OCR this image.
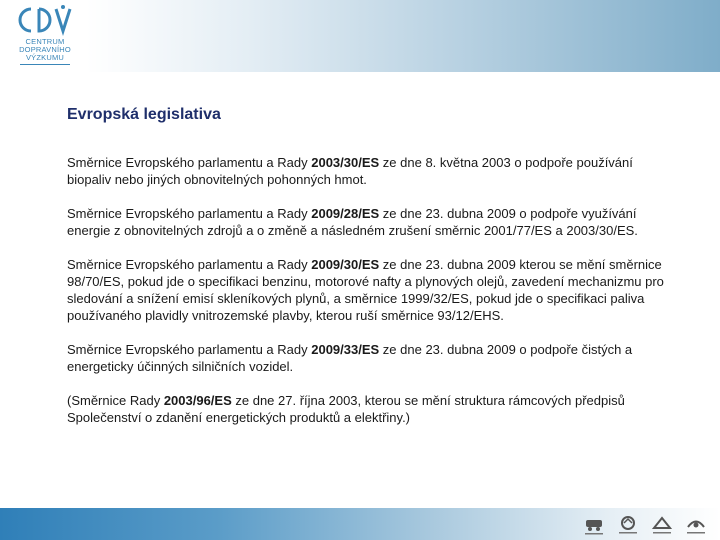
CENTRUM
DOPRAVNÍHO
VÝZKUMU
Evropská legislativa

Směrnice Evropského parlamentu a Rady 2003/30/ES ze dne 8. května 2003 o podpoře používání biopaliv nebo jiných obnovitelných pohonných hmot.

Směrnice Evropského parlamentu a Rady 2009/28/ES ze dne 23. dubna 2009 o podpoře využívání energie z obnovitelných zdrojů a o změně a následném zrušení směrnic 2001/77/ES a 2003/30/ES.

Směrnice Evropského parlamentu a Rady 2009/30/ES ze dne 23. dubna 2009 kterou se mění směrnice 98/70/ES, pokud jde o specifikaci benzinu, motorové nafty a plynových olejů, zavedení mechanizmu pro sledování a snížení emisí skleníkových plynů, a směrnice 1999/32/ES, pokud jde o specifikaci paliva používaného plavidly vnitrozemské plavby, kterou ruší směrnice 93/12/EHS.

Směrnice Evropského parlamentu a Rady 2009/33/ES ze dne 23. dubna 2009 o podpoře čistých a energeticky účinných silničních vozidel.

(Směrnice Rady 2003/96/ES ze dne 27. října 2003, kterou se mění struktura rámcových předpisů Společenství o zdanění energetických produktů a elektřiny.)
